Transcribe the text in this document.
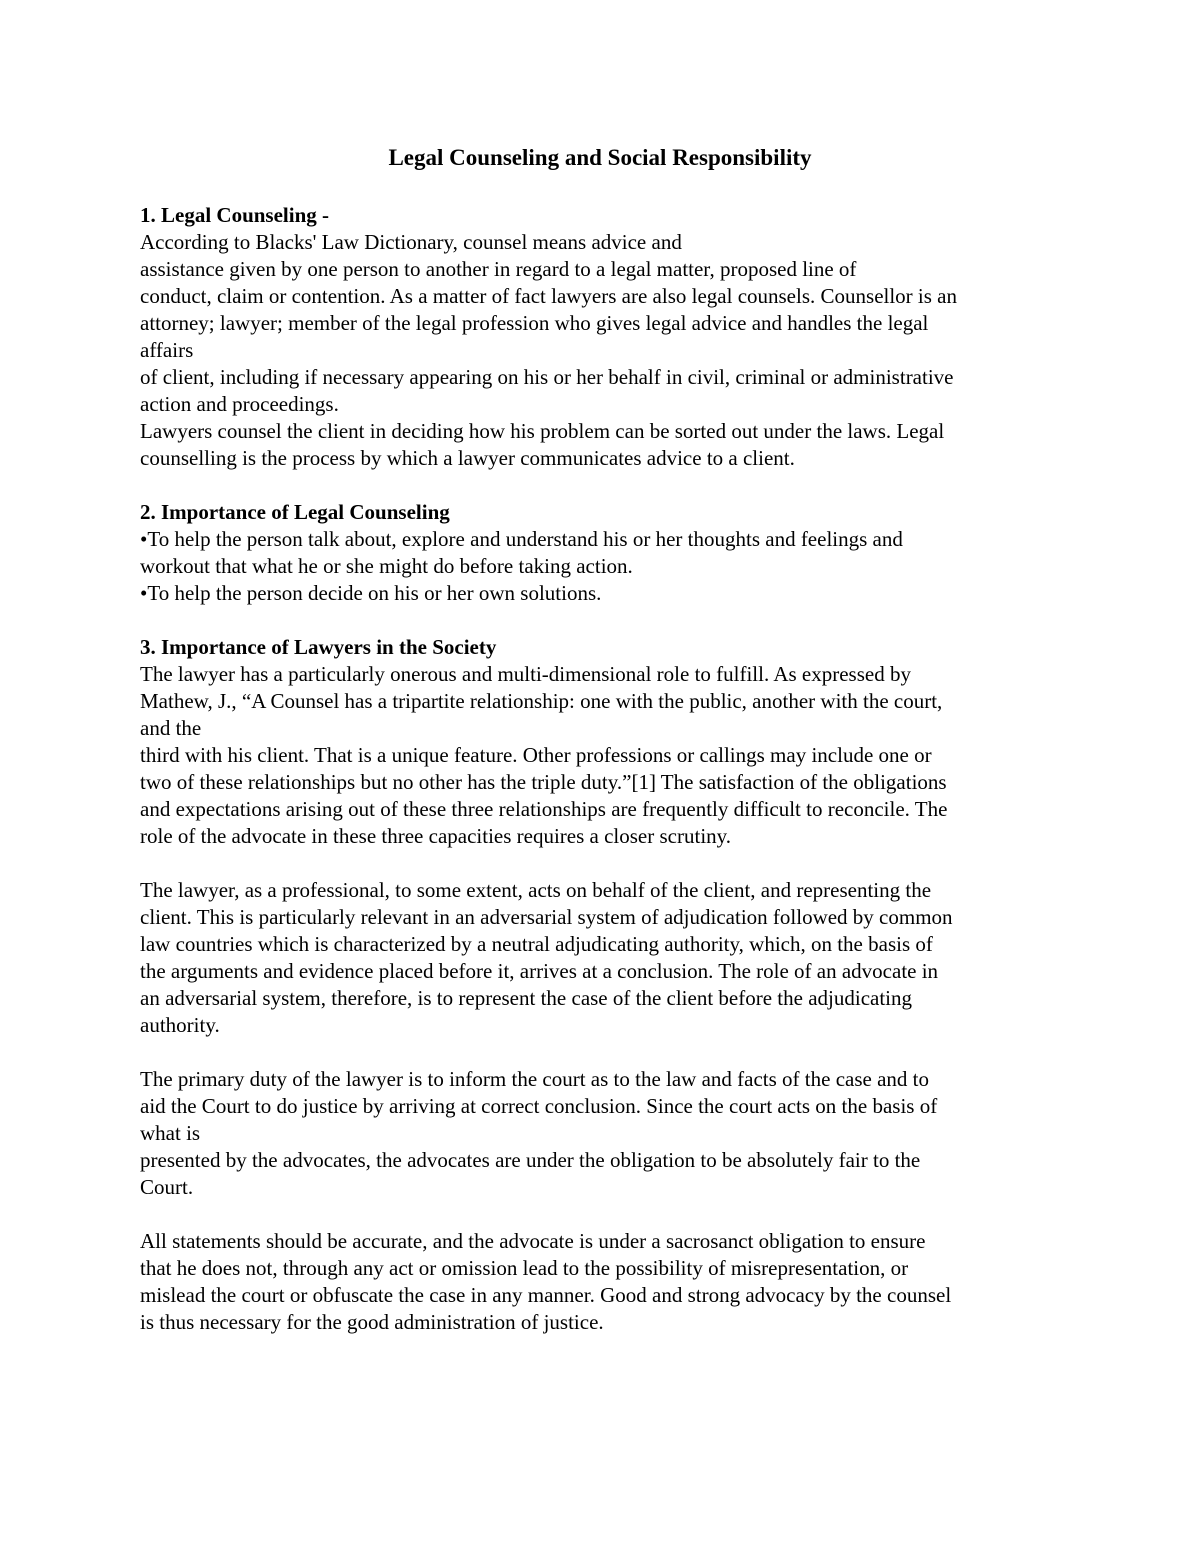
Legal Counseling and Social Responsibility
1. Legal Counseling -
According to Blacks' Law Dictionary, counsel means advice and
assistance given by one person to another in regard to a legal matter, proposed line of
conduct, claim or contention. As a matter of fact lawyers are also legal counsels. Counsellor is an
attorney; lawyer; member of the legal profession who gives legal advice and handles the legal
affairs
of client, including if necessary appearing on his or her behalf in civil, criminal or administrative
action and proceedings.
Lawyers counsel the client in deciding how his problem can be sorted out under the laws. Legal
counselling is the process by which a lawyer communicates advice to a client.
2. Importance of Legal Counseling
•To help the person talk about, explore and understand his or her thoughts and feelings and
workout that what he or she might do before taking action.
•To help the person decide on his or her own solutions.
3. Importance of Lawyers in the Society
The lawyer has a particularly onerous and multi-dimensional role to fulfill. As expressed by
Mathew, J., “A Counsel has a tripartite relationship: one with the public, another with the court,
and the
third with his client. That is a unique feature. Other professions or callings may include one or
two of these relationships but no other has the triple duty.”[1] The satisfaction of the obligations
and expectations arising out of these three relationships are frequently difficult to reconcile. The
role of the advocate in these three capacities requires a closer scrutiny.
The lawyer, as a professional, to some extent, acts on behalf of the client, and representing the
client. This is particularly relevant in an adversarial system of adjudication followed by common
law countries which is characterized by a neutral adjudicating authority, which, on the basis of
the arguments and evidence placed before it, arrives at a conclusion. The role of an advocate in
an adversarial system, therefore, is to represent the case of the client before the adjudicating
authority.
The primary duty of the lawyer is to inform the court as to the law and facts of the case and to
aid the Court to do justice by arriving at correct conclusion. Since the court acts on the basis of
what is
presented by the advocates, the advocates are under the obligation to be absolutely fair to the
Court.
All statements should be accurate, and the advocate is under a sacrosanct obligation to ensure
that he does not, through any act or omission lead to the possibility of misrepresentation, or
mislead the court or obfuscate the case in any manner. Good and strong advocacy by the counsel
is thus necessary for the good administration of justice.
